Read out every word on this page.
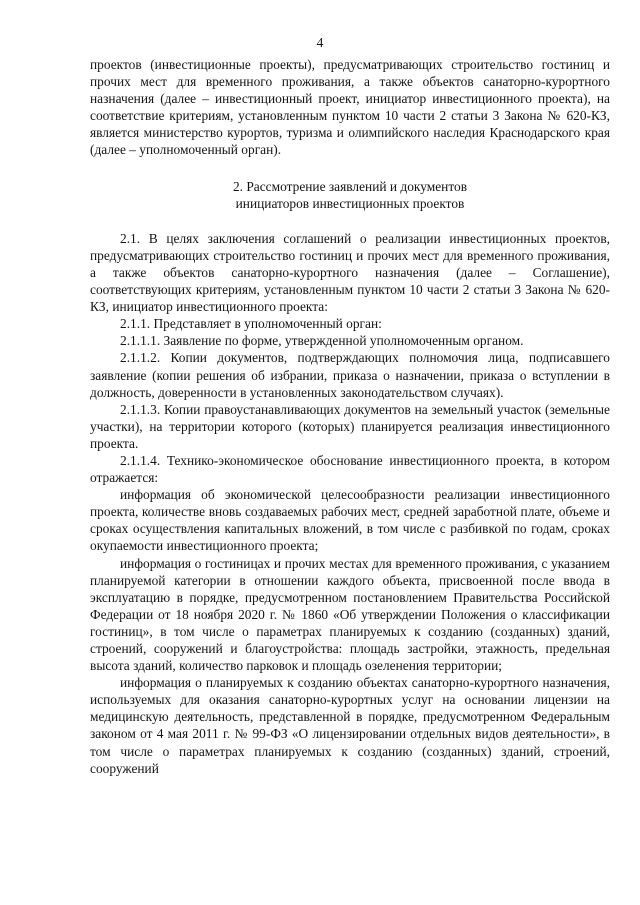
4

проектов (инвестиционные проекты), предусматривающих строительство гостиниц и прочих мест для временного проживания, а также объектов санаторно-курортного назначения (далее – инвестиционный проект, инициатор инвестиционного проекта), на соответствие критериям, установленным пунктом 10 части 2 статьи 3 Закона № 620-КЗ, является министерство курортов, туризма и олимпийского наследия Краснодарского края (далее – уполномоченный орган).

2. Рассмотрение заявлений и документов
инициаторов инвестиционных проектов

2.1. В целях заключения соглашений о реализации инвестиционных проектов, предусматривающих строительство гостиниц и прочих мест для временного проживания, а также объектов санаторно-курортного назначения (далее – Соглашение), соответствующих критериям, установленным пунктом 10 части 2 статьи 3 Закона № 620-КЗ, инициатор инвестиционного проекта:

2.1.1. Представляет в уполномоченный орган:

2.1.1.1. Заявление по форме, утвержденной уполномоченным органом.

2.1.1.2. Копии документов, подтверждающих полномочия лица, подписавшего заявление (копии решения об избрании, приказа о назначении, приказа о вступлении в должность, доверенности в установленных законодательством случаях).

2.1.1.3. Копии правоустанавливающих документов на земельный участок (земельные участки), на территории которого (которых) планируется реализация инвестиционного проекта.

2.1.1.4. Технико-экономическое обоснование инвестиционного проекта, в котором отражается:

информация об экономической целесообразности реализации инвестиционного проекта, количестве вновь создаваемых рабочих мест, средней заработной плате, объеме и сроках осуществления капитальных вложений, в том числе с разбивкой по годам, сроках окупаемости инвестиционного проекта;

информация о гостиницах и прочих местах для временного проживания, с указанием планируемой категории в отношении каждого объекта, присвоенной после ввода в эксплуатацию в порядке, предусмотренном постановлением Правительства Российской Федерации от 18 ноября 2020 г. № 1860 «Об утверждении Положения о классификации гостиниц», в том числе о параметрах планируемых к созданию (созданных) зданий, строений, сооружений и благоустройства: площадь застройки, этажность, предельная высота зданий, количество парковок и площадь озеленения территории;

информация о планируемых к созданию объектах санаторно-курортного назначения, используемых для оказания санаторно-курортных услуг на основании лицензии на медицинскую деятельность, представленной в порядке, предусмотренном Федеральным законом от 4 мая 2011 г. № 99-ФЗ «О лицензировании отдельных видов деятельности», в том числе о параметрах планируемых к созданию (созданных) зданий, строений, сооружений
